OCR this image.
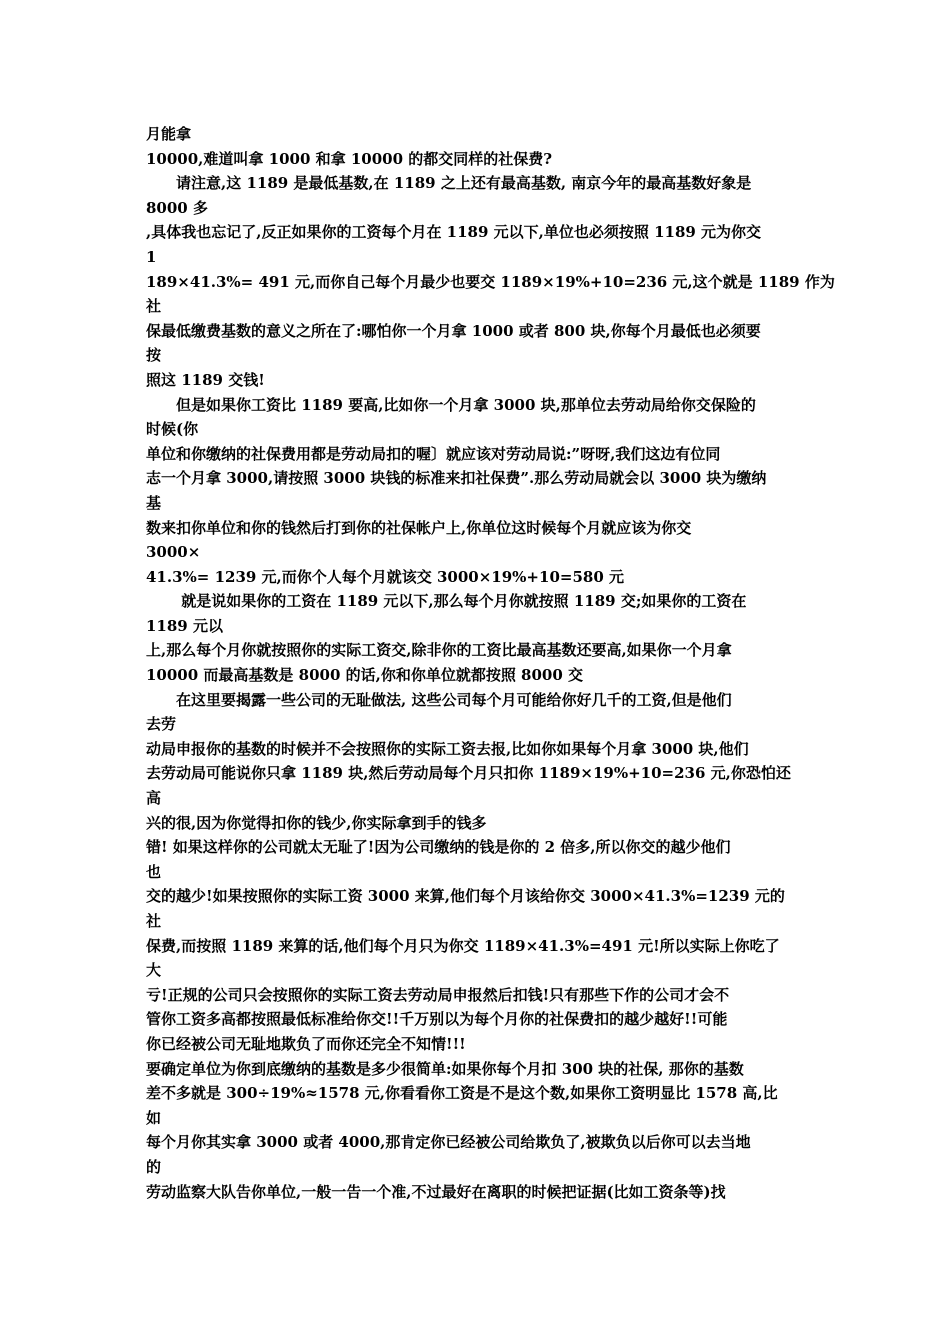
月能拿
10000,难道叫拿 1000 和拿 10000 的都交同样的社保费?
　　请注意,这 1189 是最低基数,在 1189 之上还有最高基数, 南京今年的最高基数好象是
8000 多
,具体我也忘记了,反正如果你的工资每个月在 1189 元以下,单位也必须按照 1189 元为你交
1
189×41.3%= 491 元,而你自己每个月最少也要交 1189×19%+10=236 元,这个就是 1189 作为
社
保最低缴费基数的意义之所在了:哪怕你一个月拿 1000 或者 800 块,你每个月最低也必须要
按
照这 1189 交钱!
　　但是如果你工资比 1189 要高,比如你一个月拿 3000 块,那单位去劳动局给你交保险的
时候(你
单位和你缴纳的社保费用都是劳动局扣的喔〕就应该对劳动局说:”呀呀,我们这边有位同
志一个月拿 3000,请按照 3000 块钱的标准来扣社保费”.那么劳动局就会以 3000 块为缴纳
基
数来扣你单位和你的钱然后打到你的社保帐户上,你单位这时候每个月就应该为你交
3000×
41.3%= 1239 元,而你个人每个月就该交 3000×19%+10=580 元
　　 就是说如果你的工资在 1189 元以下,那么每个月你就按照 1189 交;如果你的工资在
1189 元以
上,那么每个月你就按照你的实际工资交,除非你的工资比最高基数还要高,如果你一个月拿
10000 而最高基数是 8000 的话,你和你单位就都按照 8000 交
　　在这里要揭露一些公司的无耻做法, 这些公司每个月可能给你好几千的工资,但是他们
去劳
动局申报你的基数的时候并不会按照你的实际工资去报,比如你如果每个月拿 3000 块,他们
去劳动局可能说你只拿 1189 块,然后劳动局每个月只扣你 1189×19%+10=236 元,你恐怕还
高
兴的很,因为你觉得扣你的钱少,你实际拿到手的钱多
错! 如果这样你的公司就太无耻了!因为公司缴纳的钱是你的 2 倍多,所以你交的越少他们
也
交的越少!如果按照你的实际工资 3000 来算,他们每个月该给你交 3000×41.3%=1239 元的
社
保费,而按照 1189 来算的话,他们每个月只为你交 1189×41.3%=491 元!所以实际上你吃了
大
亏!正规的公司只会按照你的实际工资去劳动局申报然后扣钱!只有那些下作的公司才会不
管你工资多高都按照最低标准给你交!!千万别以为每个月你的社保费扣的越少越好!!可能
你已经被公司无耻地欺负了而你还完全不知情!!!
要确定单位为你到底缴纳的基数是多少很简单:如果你每个月扣 300 块的社保, 那你的基数
差不多就是 300÷19%≈1578 元,你看看你工资是不是这个数,如果你工资明显比 1578 高,比
如
每个月你其实拿 3000 或者 4000,那肯定你已经被公司给欺负了,被欺负以后你可以去当地
的
劳动监察大队告你单位,一般一告一个准,不过最好在离职的时候把证据(比如工资条等)找
